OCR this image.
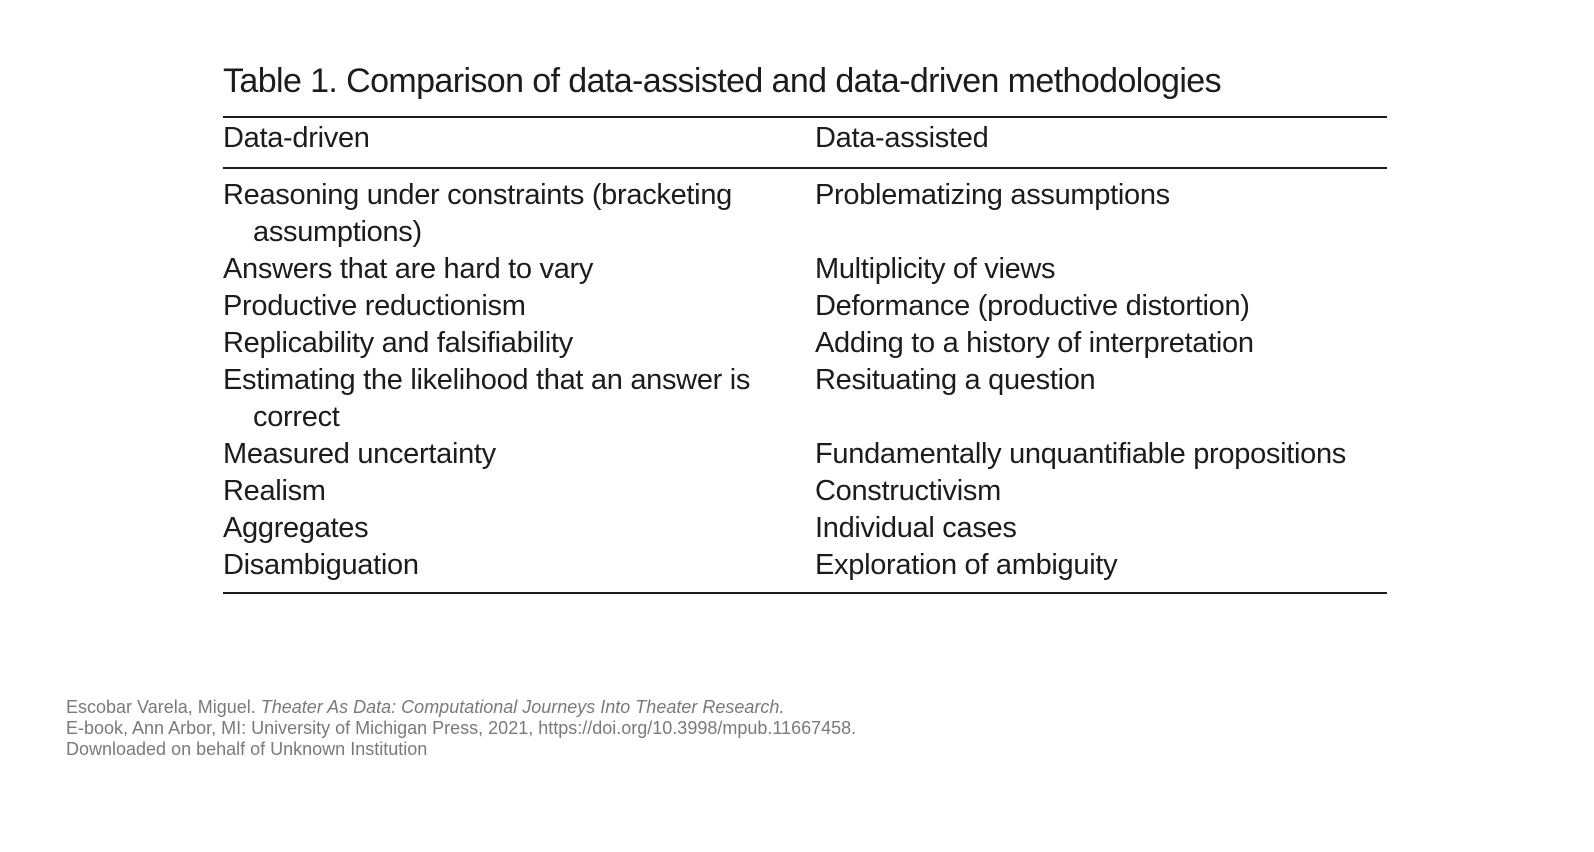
Table 1. Comparison of data-assisted and data-driven methodologies
Data-driven	Data-assisted

Reasoning under constraints (bracketing assumptions)	Problematizing assumptions

Answers that are hard to vary	Multiplicity of views

Productive reductionism	Deformance (productive distortion)

Replicability and falsifiability	Adding to a history of interpretation

Estimating the likelihood that an answer is correct	Resituating a question

Measured uncertainty	Fundamentally unquantifiable propositions

Realism	Constructivism

Aggregates	Individual cases

Disambiguation	Exploration of ambiguity
Escobar Varela, Miguel. Theater As Data: Computational Journeys Into Theater Research.
E-book, Ann Arbor, MI: University of Michigan Press, 2021, https://doi.org/10.3998/mpub.11667458.
Downloaded on behalf of Unknown Institution
